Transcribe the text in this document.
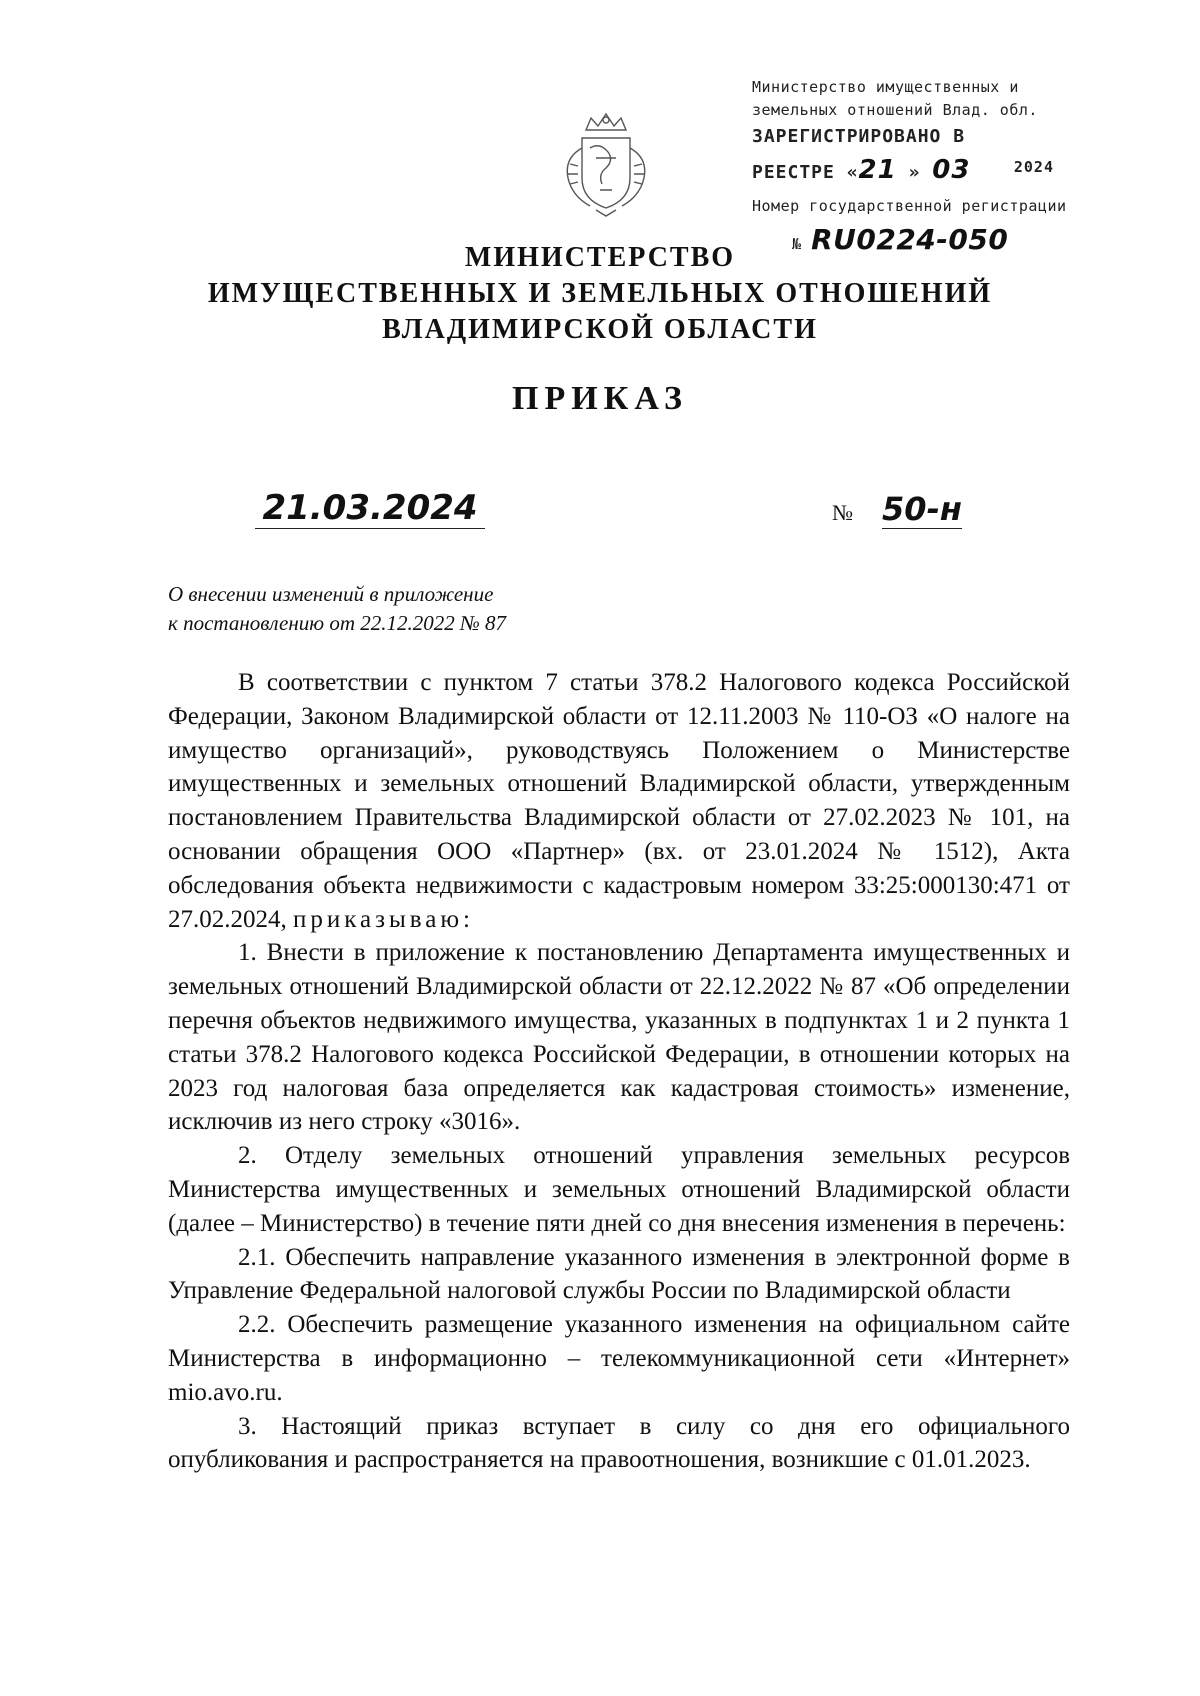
Министерство имущественных и
земельных отношений Влад. обл.
ЗАРЕГИСТРИРОВАНО В
РЕЕСТРЕ «21 » 03	2024
Номер государственной регистрации
№ RU0224-050
МИНИСТЕРСТВО
ИМУЩЕСТВЕННЫХ И ЗЕМЕЛЬНЫХ ОТНОШЕНИЙ
ВЛАДИМИРСКОЙ ОБЛАСТИ
ПРИКАЗ
21.03.2024	№ 50-н
О внесении изменений в приложение
к постановлению от 22.12.2022 № 87

В соответствии с пунктом 7 статьи 378.2 Налогового кодекса Российской Федерации, Законом Владимирской области от 12.11.2003 № 110-ОЗ «О налоге на имущество организаций», руководствуясь Положением о Министерстве имущественных и земельных отношений Владимирской области, утвержденным постановлением Правительства Владимирской области от 27.02.2023 № 101, на основании обращения ООО «Партнер» (вх. от 23.01.2024 № 1512), Акта обследования объекта недвижимости с кадастровым номером 33:25:000130:471 от 27.02.2024, приказываю:

1. Внести в приложение к постановлению Департамента имущественных и земельных отношений Владимирской области от 22.12.2022 № 87 «Об определении перечня объектов недвижимого имущества, указанных в подпунктах 1 и 2 пункта 1 статьи 378.2 Налогового кодекса Российской Федерации, в отношении которых на 2023 год налоговая база определяется как кадастровая стоимость» изменение, исключив из него строку «3016».

2. Отделу земельных отношений управления земельных ресурсов Министерства имущественных и земельных отношений Владимирской области (далее – Министерство) в течение пяти дней со дня внесения изменения в перечень:

2.1. Обеспечить направление указанного изменения в электронной форме в Управление Федеральной налоговой службы России по Владимирской области

2.2. Обеспечить размещение указанного изменения на официальном сайте Министерства в информационно – телекоммуникационной сети «Интернет» mio.avo.ru.

3. Настоящий приказ вступает в силу со дня его официального опубликования и распространяется на правоотношения, возникшие с 01.01.2023.
